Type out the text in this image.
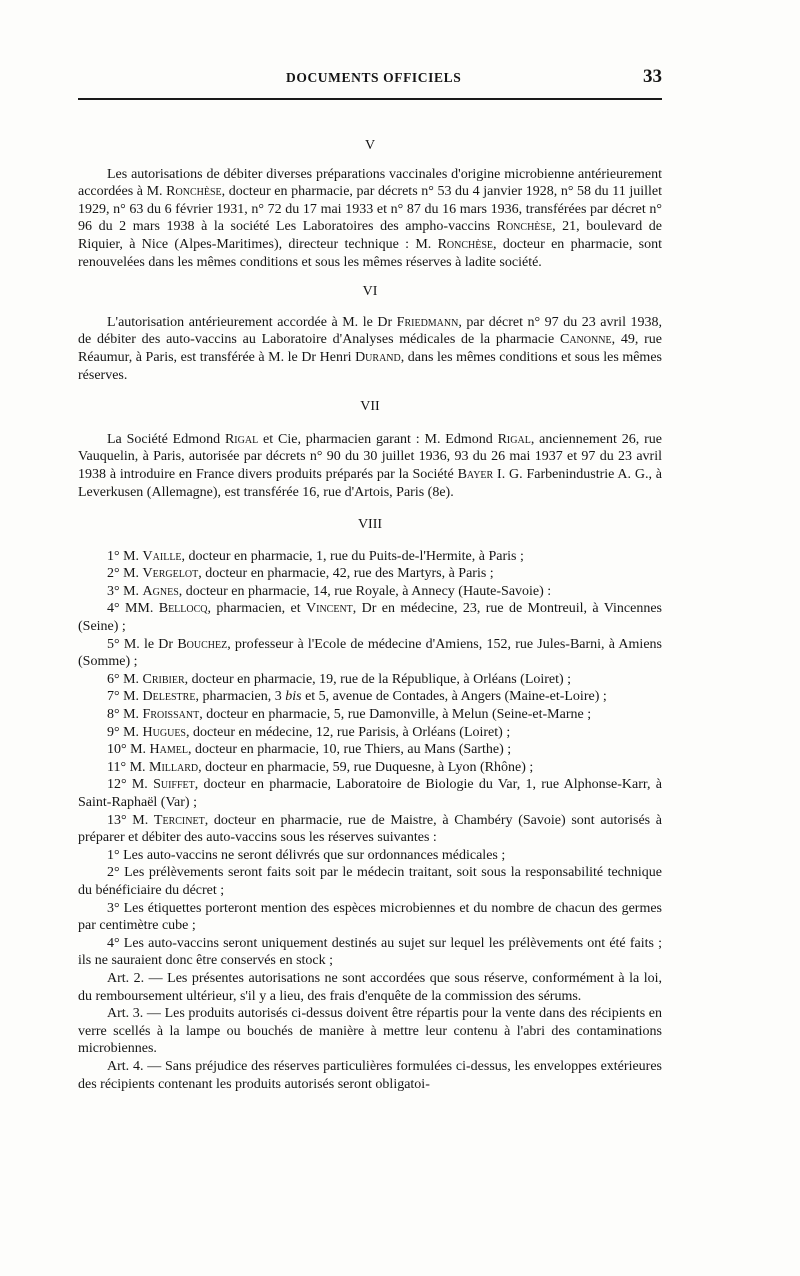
DOCUMENTS OFFICIELS	33
V

Les autorisations de débiter diverses préparations vaccinales d'origine microbienne antérieurement accordées à M. Ronchèse, docteur en pharmacie, par décrets n° 53 du 4 janvier 1928, n° 58 du 11 juillet 1929, n° 63 du 6 février 1931, n° 72 du 17 mai 1933 et n° 87 du 16 mars 1936, transférées par décret n° 96 du 2 mars 1938 à la société Les Laboratoires des ampho-vaccins Ronchèse, 21, boulevard de Riquier, à Nice (Alpes-Maritimes), directeur technique : M. Ronchèse, docteur en pharmacie, sont renouvelées dans les mêmes conditions et sous les mêmes réserves à ladite société.

VI

L'autorisation antérieurement accordée à M. le Dr Friedmann, par décret n° 97 du 23 avril 1938, de débiter des auto-vaccins au Laboratoire d'Analyses médicales de la pharmacie Canonne, 49, rue Réaumur, à Paris, est transférée à M. le Dr Henri Durand, dans les mêmes conditions et sous les mêmes réserves.

VII

La Société Edmond Rigal et Cie, pharmacien garant : M. Edmond Rigal, anciennement 26, rue Vauquelin, à Paris, autorisée par décrets n° 90 du 30 juillet 1936, 93 du 26 mai 1937 et 97 du 23 avril 1938 à introduire en France divers produits préparés par la Société Bayer I. G. Farbenindustrie A. G., à Leverkusen (Allemagne), est transférée 16, rue d'Artois, Paris (8e).

VIII

1° M. Vaille, docteur en pharmacie, 1, rue du Puits-de-l'Hermite, à Paris ;

2° M. Vergelot, docteur en pharmacie, 42, rue des Martyrs, à Paris ;

3° M. Agnes, docteur en pharmacie, 14, rue Royale, à Annecy (Haute-Savoie) :

4° MM. Bellocq, pharmacien, et Vincent, Dr en médecine, 23, rue de Montreuil, à Vincennes (Seine) ;

5° M. le Dr Bouchez, professeur à l'Ecole de médecine d'Amiens, 152, rue Jules-Barni, à Amiens (Somme) ;

6° M. Cribier, docteur en pharmacie, 19, rue de la République, à Orléans (Loiret) ;

7° M. Delestre, pharmacien, 3 bis et 5, avenue de Contades, à Angers (Maine-et-Loire) ;

8° M. Froissant, docteur en pharmacie, 5, rue Damonville, à Melun (Seine-et-Marne ;

9° M. Hugues, docteur en médecine, 12, rue Parisis, à Orléans (Loiret) ;

10° M. Hamel, docteur en pharmacie, 10, rue Thiers, au Mans (Sarthe) ;

11° M. Millard, docteur en pharmacie, 59, rue Duquesne, à Lyon (Rhône) ;

12° M. Suiffet, docteur en pharmacie, Laboratoire de Biologie du Var, 1, rue Alphonse-Karr, à Saint-Raphaël (Var) ;

13° M. Tercinet, docteur en pharmacie, rue de Maistre, à Chambéry (Savoie) sont autorisés à préparer et débiter des auto-vaccins sous les réserves suivantes :

1° Les auto-vaccins ne seront délivrés que sur ordonnances médicales ;

2° Les prélèvements seront faits soit par le médecin traitant, soit sous la responsabilité technique du bénéficiaire du décret ;

3° Les étiquettes porteront mention des espèces microbiennes et du nombre de chacun des germes par centimètre cube ;

4° Les auto-vaccins seront uniquement destinés au sujet sur lequel les prélèvements ont été faits ; ils ne sauraient donc être conservés en stock ;

Art. 2. — Les présentes autorisations ne sont accordées que sous réserve, conformément à la loi, du remboursement ultérieur, s'il y a lieu, des frais d'enquête de la commission des sérums.

Art. 3. — Les produits autorisés ci-dessus doivent être répartis pour la vente dans des récipients en verre scellés à la lampe ou bouchés de manière à mettre leur contenu à l'abri des contaminations microbiennes.

Art. 4. — Sans préjudice des réserves particulières formulées ci-dessus, les enveloppes extérieures des récipients contenant les produits autorisés seront obligatoi-
